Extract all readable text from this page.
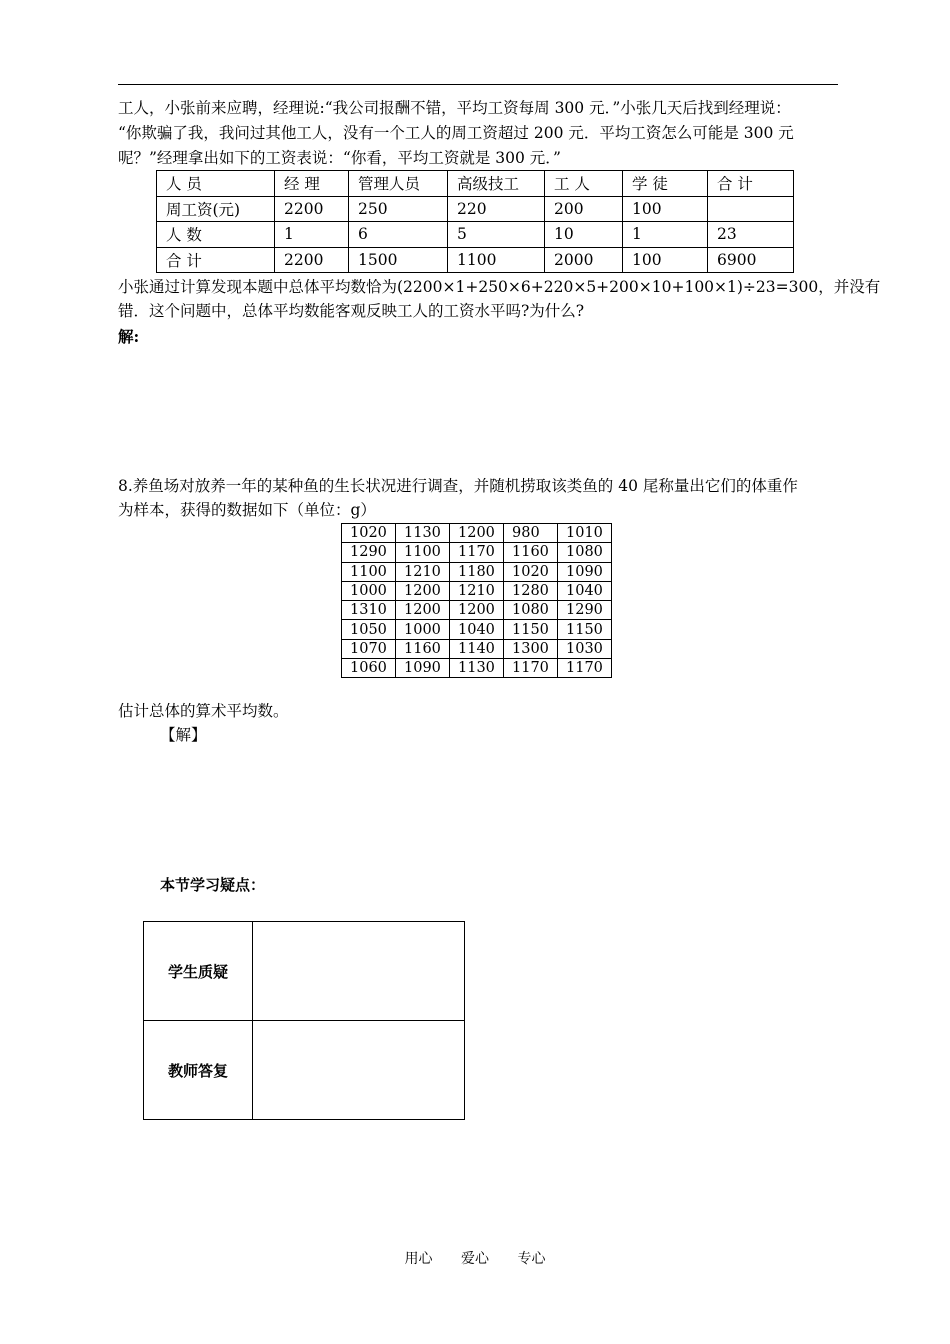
工人，小张前来应聘，经理说:“我公司报酬不错，平均工资每周 300 元．”小张几天后找到经理说：
“你欺骗了我，我问过其他工人，没有一个工人的周工资超过 200 元．平均工资怎么可能是 300 元
呢？”经理拿出如下的工资表说：“你看，平均工资就是 300 元．”
人 员	经 理	管理人员	高级技工	工 人	学 徒	合 计
周工资(元)	2200	250	220	200	100	
人 数	1	6	5	10	1	23
合 计	2200	1500	1100	2000	100	6900
小张通过计算发现本题中总体平均数恰为(2200×1+250×6+220×5+200×10+100×1)÷23=300，并没有
错．这个问题中，总体平均数能客观反映工人的工资水平吗?为什么?
解:
8.养鱼场对放养一年的某种鱼的生长状况进行调查，并随机捞取该类鱼的 40 尾称量出它们的体重作
为样本，获得的数据如下（单位：g）
1020	1130	1200	980	1010
1290	1100	1170	1160	1080
1100	1210	1180	1020	1090
1000	1200	1210	1280	1040
1310	1200	1200	1080	1290
1050	1000	1040	1150	1150
1070	1160	1140	1300	1030
1060	1090	1130	1170	1170
估计总体的算术平均数。
【解】
本节学习疑点：
学生质疑	
教师答复	
用心 爱心 专心
